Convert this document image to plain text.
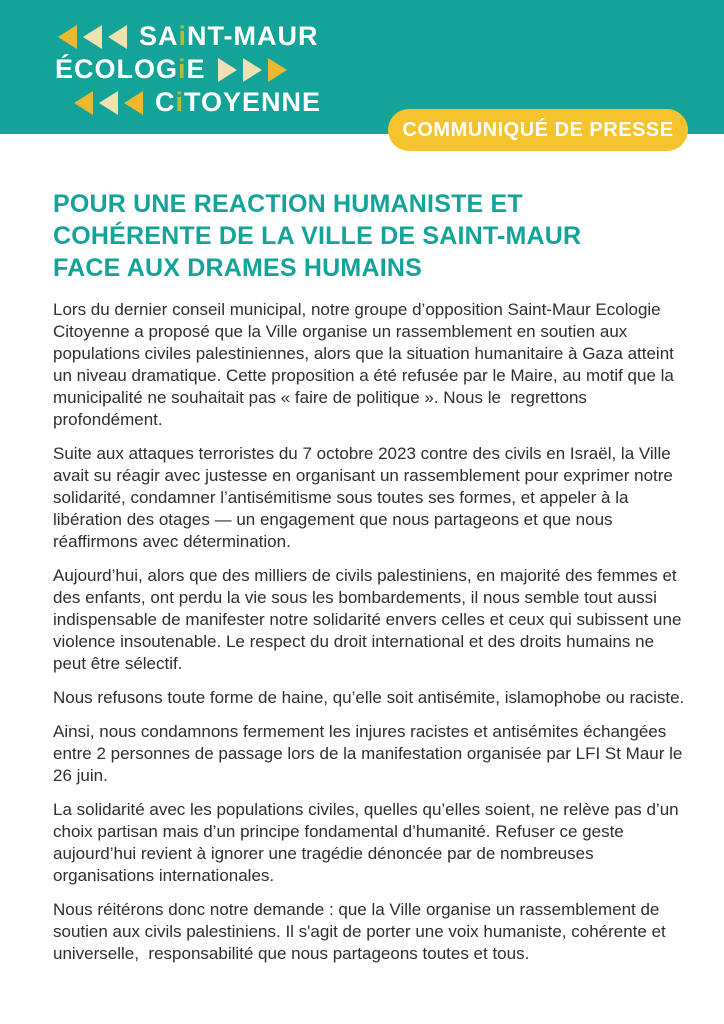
SAiNT-MAUR
ÉCOLOGiE
CiTOYENNE
COMMUNIQUÉ DE PRESSE
POUR UNE REACTION HUMANISTE ET
COHÉRENTE DE LA VILLE DE SAINT-MAUR
FACE AUX DRAMES HUMAINS

Lors du dernier conseil municipal, notre groupe d’opposition Saint-Maur Ecologie Citoyenne a proposé que la Ville organise un rassemblement en soutien aux populations civiles palestiniennes, alors que la situation humanitaire à Gaza atteint un niveau dramatique. Cette proposition a été refusée par le Maire, au motif que la municipalité ne souhaitait pas « faire de politique ». Nous le  regrettons profondément.

Suite aux attaques terroristes du 7 octobre 2023 contre des civils en Israël, la Ville avait su réagir avec justesse en organisant un rassemblement pour exprimer notre solidarité, condamner l’antisémitisme sous toutes ses formes, et appeler à la libération des otages — un engagement que nous partageons et que nous réaffirmons avec détermination.

Aujourd’hui, alors que des milliers de civils palestiniens, en majorité des femmes et des enfants, ont perdu la vie sous les bombardements, il nous semble tout aussi indispensable de manifester notre solidarité envers celles et ceux qui subissent une violence insoutenable. Le respect du droit international et des droits humains ne peut être sélectif.

Nous refusons toute forme de haine, qu’elle soit antisémite, islamophobe ou raciste.

Ainsi, nous condamnons fermement les injures racistes et antisémites échangées entre 2 personnes de passage lors de la manifestation organisée par LFI St Maur le 26 juin.

La solidarité avec les populations civiles, quelles qu’elles soient, ne relève pas d’un choix partisan mais d’un principe fondamental d’humanité. Refuser ce geste aujourd’hui revient à ignorer une tragédie dénoncée par de nombreuses organisations internationales.

Nous réitérons donc notre demande : que la Ville organise un rassemblement de soutien aux civils palestiniens. Il s'agit de porter une voix humaniste, cohérente et universelle,  responsabilité que nous partageons toutes et tous.
